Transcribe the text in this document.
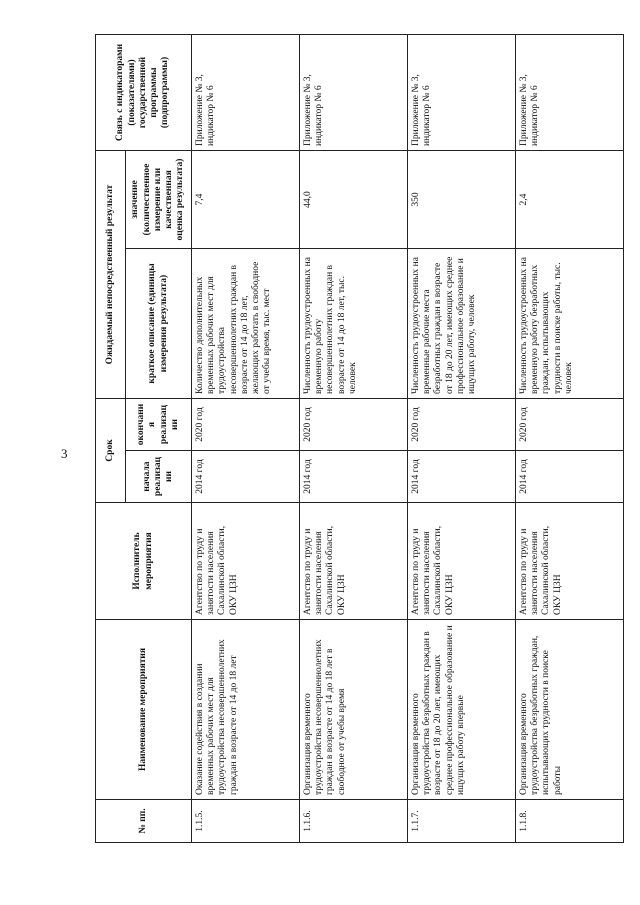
3
№ пп.	Наименование мероприятия	Исполнитель мероприятия	Срок		Ожидаемый непосредственный результат		Связь с индикаторами (показателями) государственной программы (подпрограммы)
			начала реализации	окончания реализации	краткое описание (единицы измерения результата)	значение (количественное измерение или качественная оценка результата)	
1.1.5.	Оказание содействия в создании временных рабочих мест для трудоустройства несовершеннолетних граждан в возрасте от 14 до 18 лет	Агентство по труду и занятости населения Сахалинской области, ОКУ ЦЗН	2014 год	2020 год	Количество дополнительных временных рабочих мест для трудоустройства несовершеннолетних граждан в возрасте от 14 до 18 лет, желающих работать в свободное от учебы время, тыс. мест	7,4	Приложение № 3, индикатор № 6
1.1.6.	Организация временного трудоустройства несовершеннолетних граждан в возрасте от 14 до 18 лет в свободное от учебы время	Агентство по труду и занятости населения Сахалинской области, ОКУ ЦЗН	2014 год	2020 год	Численность трудоустроенных на временную работу несовершеннолетних граждан в возрасте от 14 до 18 лет, тыс. человек	44,0	Приложение № 3, индикатор № 6
1.1.7.	Организация временного трудоустройства безработных граждан в возрасте от 18 до 20 лет, имеющих среднее профессиональное образование и ищущих работу впервые	Агентство по труду и занятости населения Сахалинской области, ОКУ ЦЗН	2014 год	2020 год	Численность трудоустроенных на временные рабочие места безработных граждан в возрасте от 18 до 20 лет, имеющих среднее профессиональное образование и ищущих работу, человек	350	Приложение № 3, индикатор № 6
1.1.8.	Организация временного трудоустройства безработных граждан, испытывающих трудности в поиске работы	Агентство по труду и занятости населения Сахалинской области, ОКУ ЦЗН	2014 год	2020 год	Численность трудоустроенных на временную работу безработных граждан, испытывающих трудности в поиске работы, тыс. человек	2,4	Приложение № 3, индикатор № 6
